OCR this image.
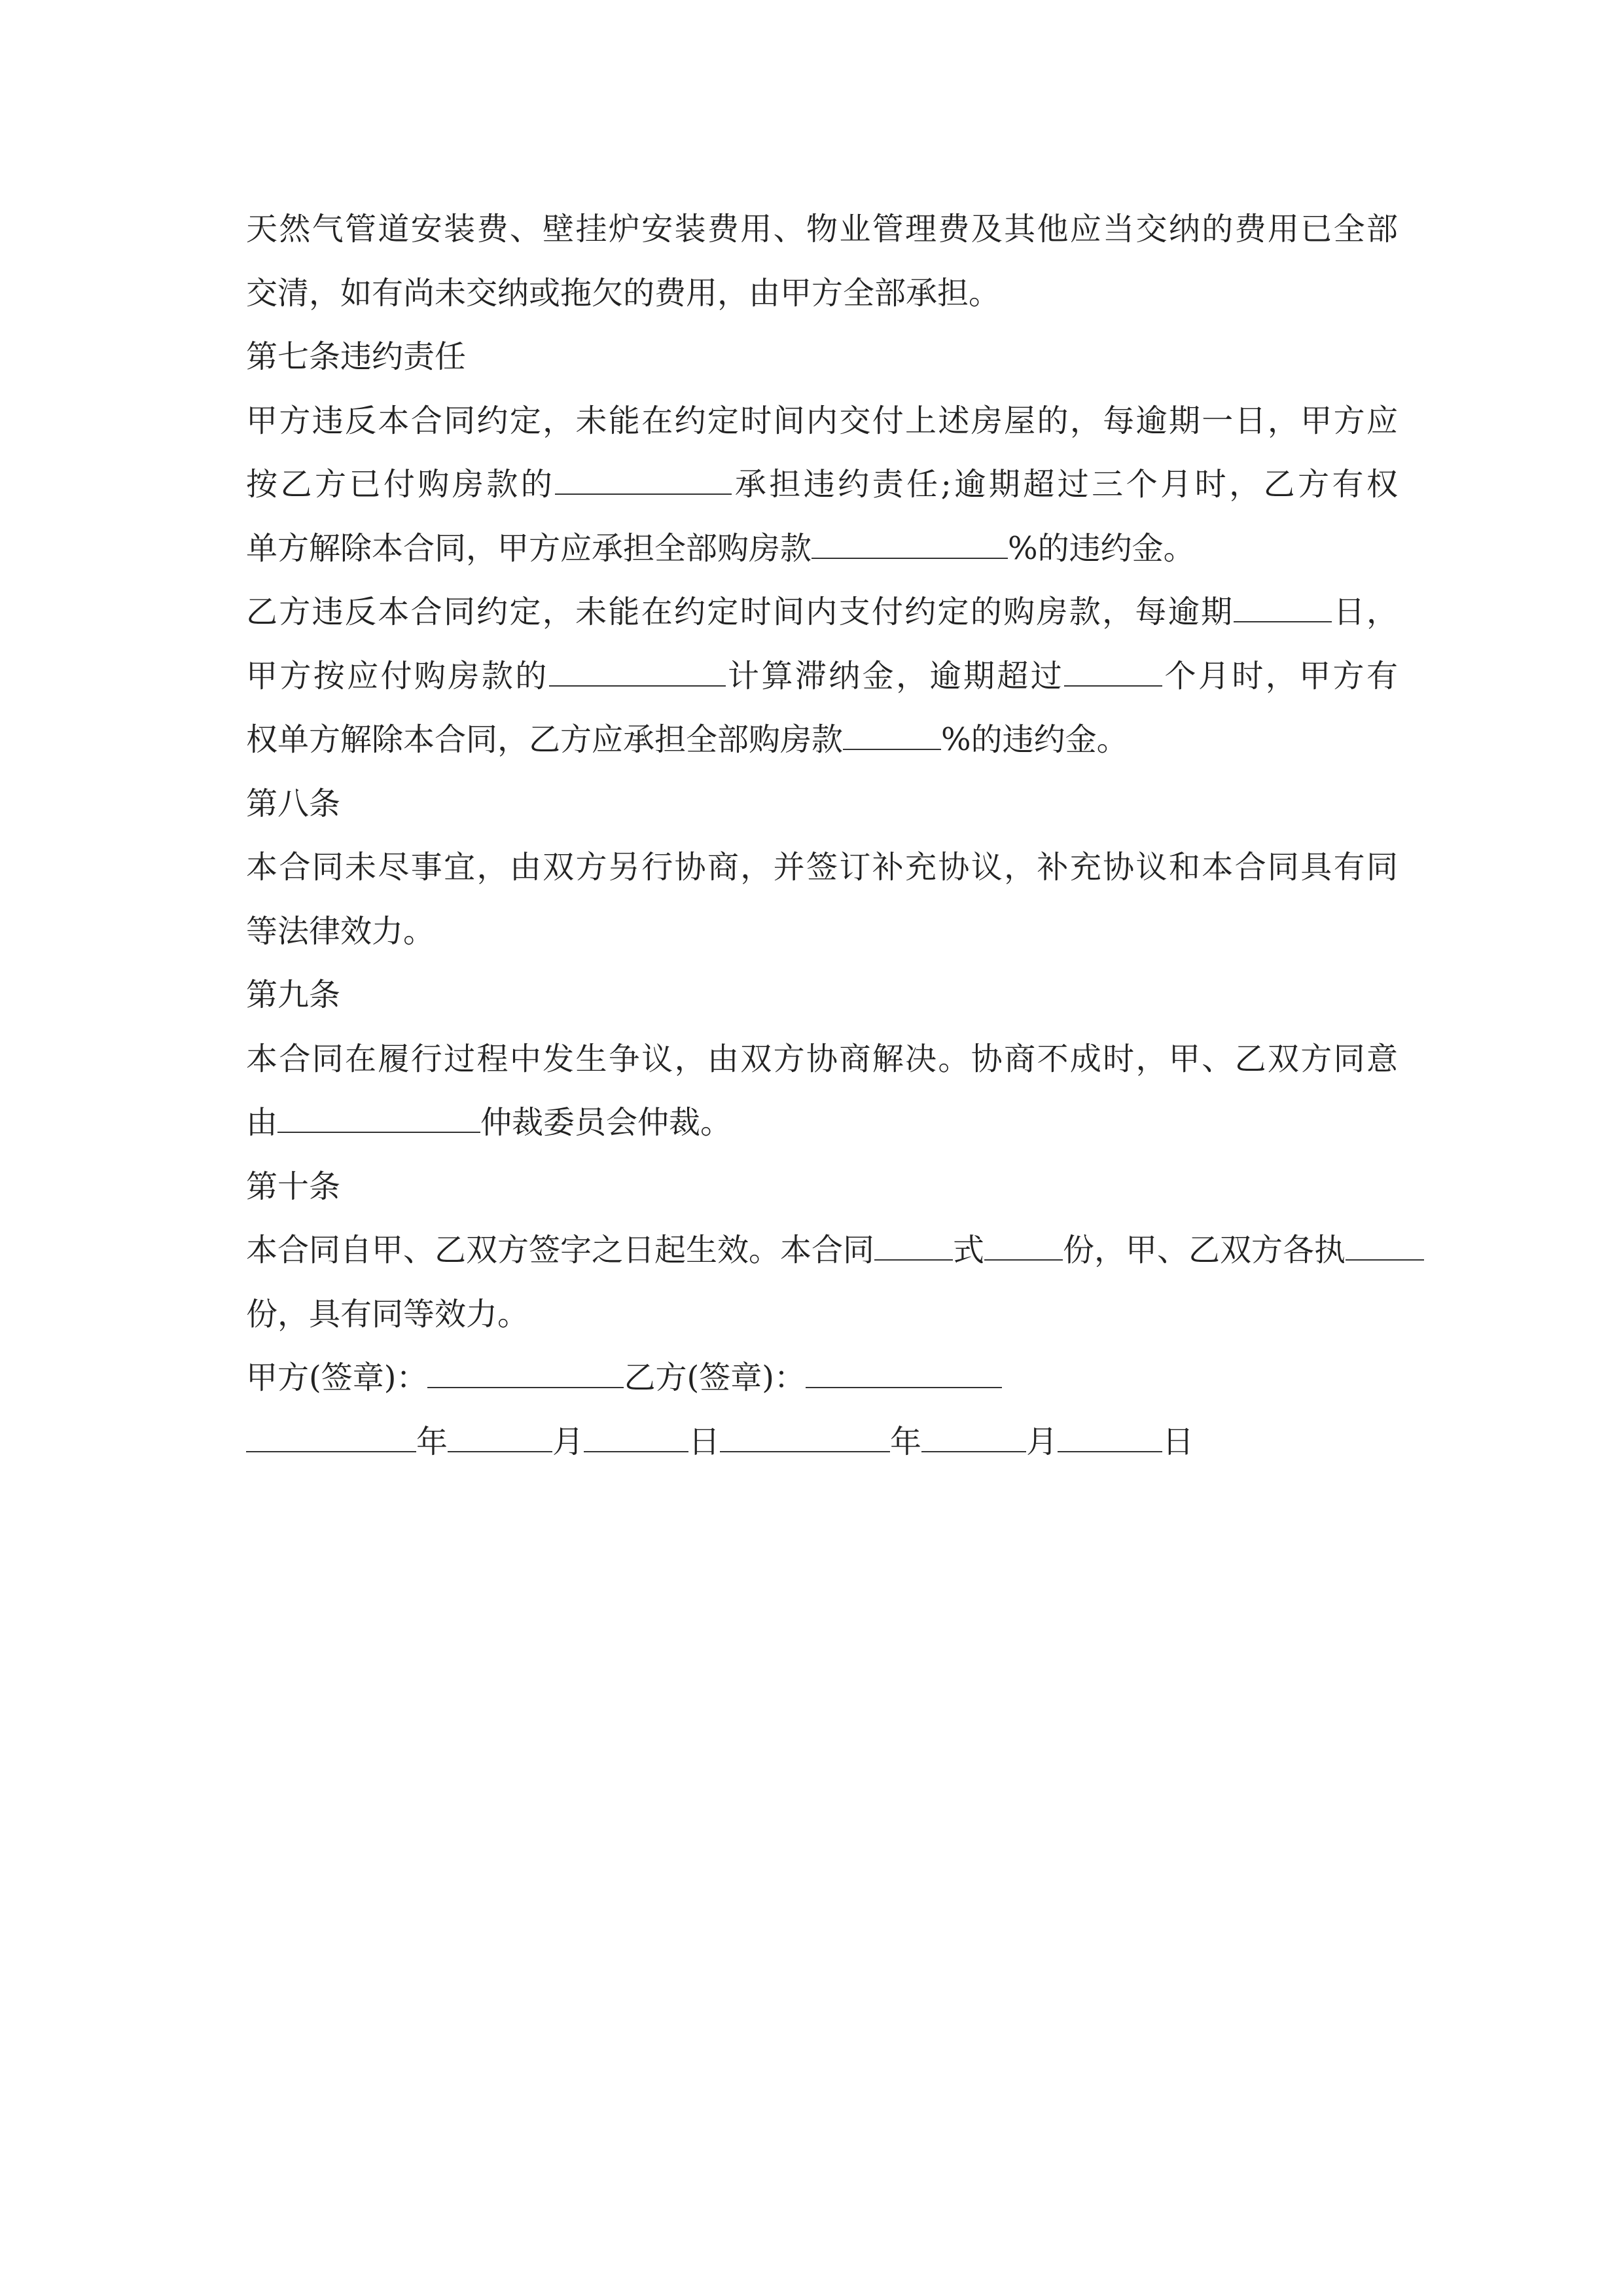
天然气管道安装费、壁挂炉安装费用、物业管理费及其他应当交纳的费用已全部
交清，如有尚未交纳或拖欠的费用，由甲方全部承担。
第七条违约责任
甲方违反本合同约定，未能在约定时间内交付上述房屋的，每逾期一日，甲方应
按乙方已付购房款的	承担违约责任;逾期超过三个月时，乙方有权
单方解除本合同，甲方应承担全部购房款	%的违约金。
乙方违反本合同约定，未能在约定时间内支付约定的购房款，每逾期	日，
甲方按应付购房款的	计算滞纳金，逾期超过	个月时，甲方有
权单方解除本合同，乙方应承担全部购房款	%的违约金。
第八条
本合同未尽事宜，由双方另行协商，并签订补充协议，补充协议和本合同具有同
等法律效力。
第九条
本合同在履行过程中发生争议，由双方协商解决。协商不成时，甲、乙双方同意
由	仲裁委员会仲裁。
第十条
本合同自甲、乙双方签字之日起生效。本合同	式	份，甲、乙双方各执
份，具有同等效力。
甲方(签章)：	乙方(签章)：
年	月	日	年	月	日
